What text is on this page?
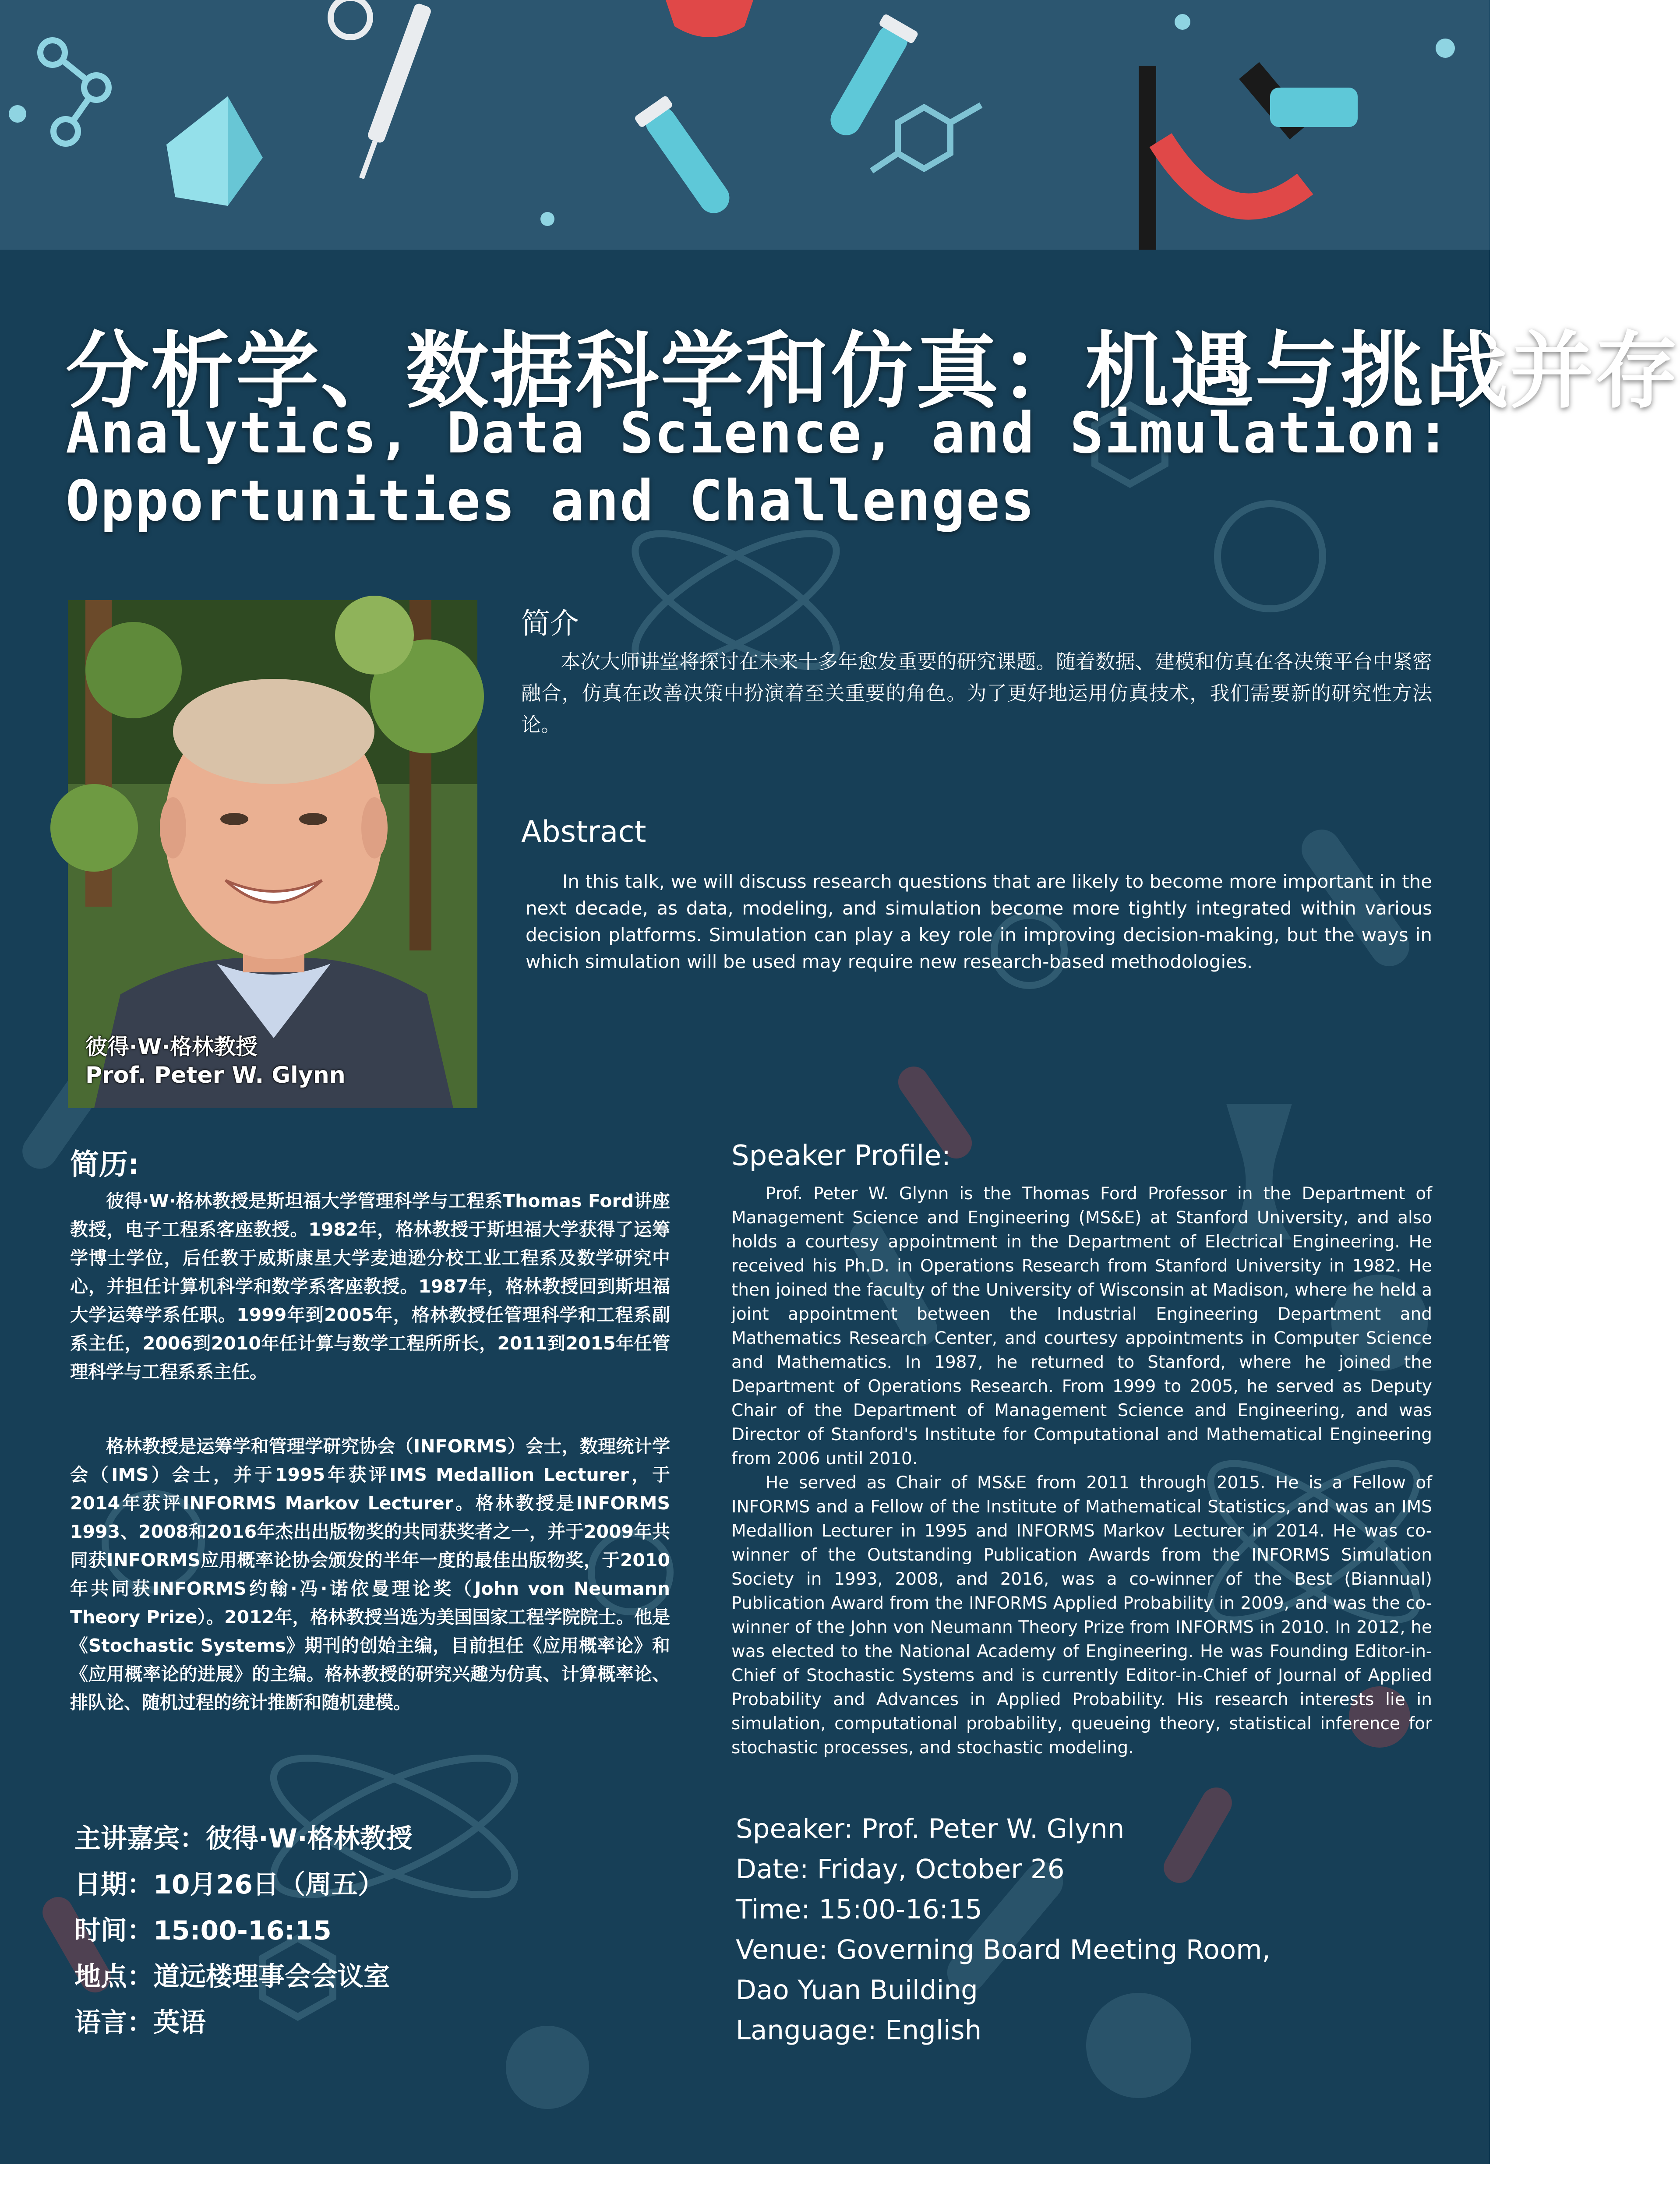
分析学、数据科学和仿真：机遇与挑战并存
Analytics, Data Science, and Simulation:
Opportunities and Challenges
彼得·W·格林教授
Prof. Peter W. Glynn
简介
本次大师讲堂将探讨在未来十多年愈发重要的研究课题。随着数据、建模和仿真在各决策平台中紧密融合，仿真在改善决策中扮演着至关重要的角色。为了更好地运用仿真技术，我们需要新的研究性方法论。
Abstract
In this talk, we will discuss research questions that are likely to become more important in the next decade, as data, modeling, and simulation become more tightly integrated within various decision platforms. Simulation can play a key role in improving decision-making, but the ways in which simulation will be used may require new research-based methodologies.
简历:
彼得·W·格林教授是斯坦福大学管理科学与工程系Thomas Ford讲座教授，电子工程系客座教授。1982年，格林教授于斯坦福大学获得了运筹学博士学位，后任教于威斯康星大学麦迪逊分校工业工程系及数学研究中心，并担任计算机科学和数学系客座教授。1987年，格林教授回到斯坦福大学运筹学系任职。1999年到2005年，格林教授任管理科学和工程系副系主任，2006到2010年任计算与数学工程所所长，2011到2015年任管理科学与工程系系主任。
格林教授是运筹学和管理学研究协会（INFORMS）会士，数理统计学会（IMS）会士，并于1995年获评IMS Medallion Lecturer，于2014年获评INFORMS Markov Lecturer。格林教授是INFORMS 1993、2008和2016年杰出出版物奖的共同获奖者之一，并于2009年共同获INFORMS应用概率论协会颁发的半年一度的最佳出版物奖，于2010年共同获INFORMS约翰·冯·诺依曼理论奖（John von Neumann Theory Prize）。2012年，格林教授当选为美国国家工程学院院士。他是《Stochastic Systems》期刊的创始主编，目前担任《应用概率论》和《应用概率论的进展》的主编。格林教授的研究兴趣为仿真、计算概率论、排队论、随机过程的统计推断和随机建模。
Speaker Profile:
Prof. Peter W. Glynn is the Thomas Ford Professor in the Department of Management Science and Engineering (MS&E) at Stanford University, and also holds a courtesy appointment in the Department of Electrical Engineering. He received his Ph.D. in Operations Research from Stanford University in 1982. He then joined the faculty of the University of Wisconsin at Madison, where he held a joint appointment between the Industrial Engineering Department and Mathematics Research Center, and courtesy appointments in Computer Science and Mathematics. In 1987, he returned to Stanford, where he joined the Department of Operations Research. From 1999 to 2005, he served as Deputy Chair of the Department of Management Science and Engineering, and was Director of Stanford's Institute for Computational and Mathematical Engineering from 2006 until 2010.
He served as Chair of MS&E from 2011 through 2015. He is a Fellow of INFORMS and a Fellow of the Institute of Mathematical Statistics, and was an IMS Medallion Lecturer in 1995 and INFORMS Markov Lecturer in 2014. He was co-winner of the Outstanding Publication Awards from the INFORMS Simulation Society in 1993, 2008, and 2016, was a co-winner of the Best (Biannual) Publication Award from the INFORMS Applied Probability in 2009, and was the co-winner of the John von Neumann Theory Prize from INFORMS in 2010. In 2012, he was elected to the National Academy of Engineering. He was Founding Editor-in-Chief of Stochastic Systems and is currently Editor-in-Chief of Journal of Applied Probability and Advances in Applied Probability. His research interests lie in simulation, computational probability, queueing theory, statistical inference for stochastic processes, and stochastic modeling.
主讲嘉宾：彼得·W·格林教授
日期：10月26日（周五）
时间：15:00-16:15
地点：道远楼理事会会议室
语言：英语
Speaker: Prof. Peter W. Glynn
Date: Friday, October 26
Time: 15:00-16:15
Venue: Governing Board Meeting Room,
Dao Yuan Building
Language: English
